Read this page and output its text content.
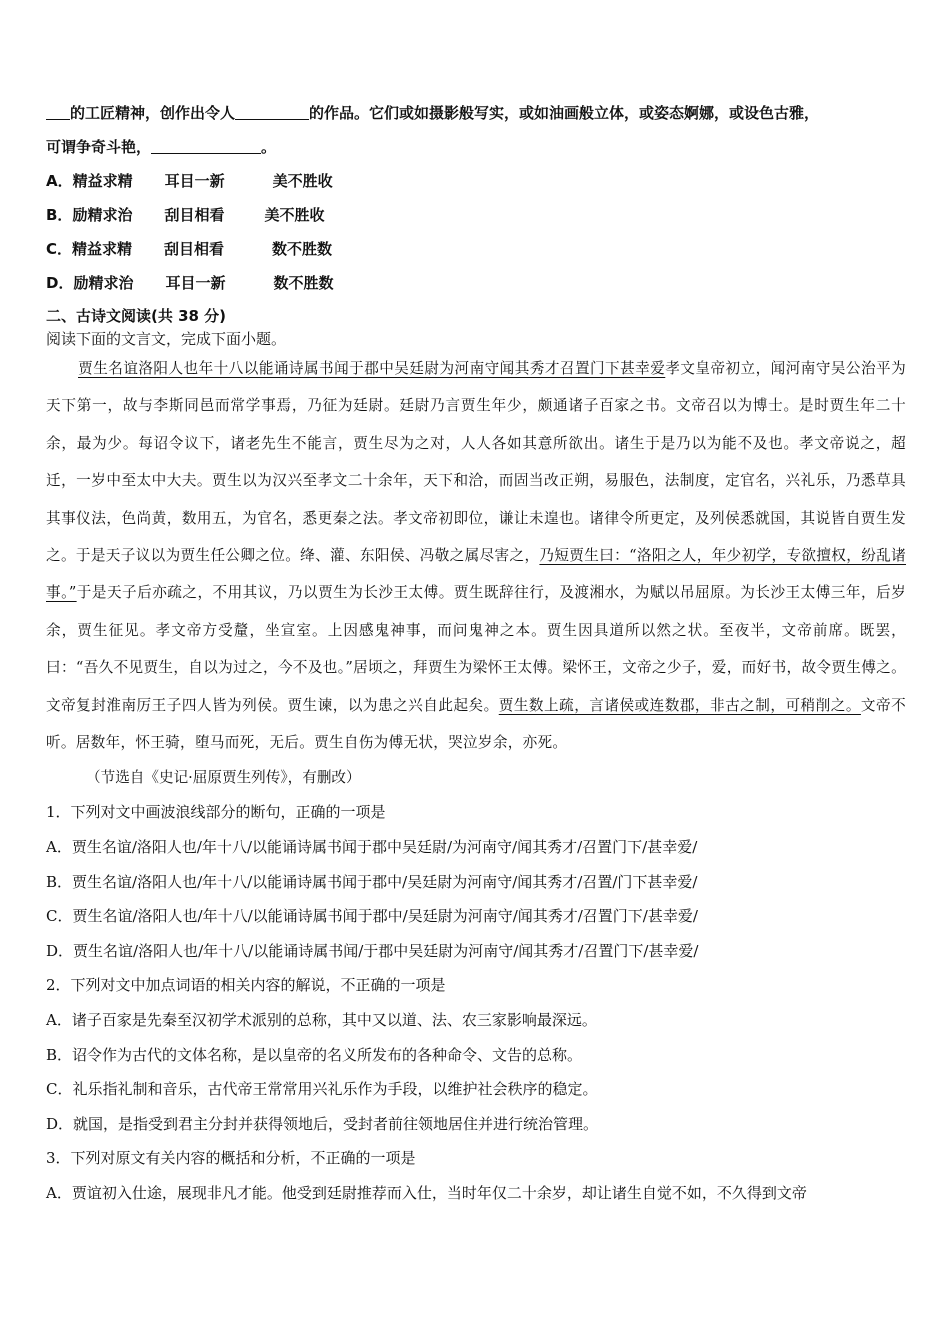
的工匠精神，创作出令人	的作品。它们或如摄影般写实，或如油画般立体，或姿态婀娜，或设色古雅，
可谓争奇斗艳，	。
A．精益求精 耳目一新	美不胜收
B．励精求治 刮目相看	美不胜收
C．精益求精 刮目相看	数不胜数
D．励精求治 耳目一新	数不胜数
二、古诗文阅读(共 38 分)
阅读下面的文言文，完成下面小题。
贾生名谊洛阳人也年十八以能诵诗属书闻于郡中吴廷尉为河南守闻其秀才召置门下甚幸爱孝文皇帝初立，闻河南守吴公治平为天下第一，故与李斯同邑而常学事焉，乃征为廷尉。廷尉乃言贾生年少，颇通诸子百家之书。文帝召以为博士。是时贾生年二十余，最为少。每诏令议下，诸老先生不能言，贾生尽为之对，人人各如其意所欲出。诸生于是乃以为能不及也。孝文帝说之，超迁，一岁中至太中大夫。贾生以为汉兴至孝文二十余年，天下和洽，而固当改正朔，易服色，法制度，定官名，兴礼乐，乃悉草具其事仪法，色尚黄，数用五，为官名，悉更秦之法。孝文帝初即位，谦让未遑也。诸律令所更定，及列侯悉就国，其说皆自贾生发之。于是天子议以为贾生任公卿之位。绛、灌、东阳侯、冯敬之属尽害之，乃短贾生曰：“洛阳之人，年少初学，专欲擅权，纷乱诸事。”于是天子后亦疏之，不用其议，乃以贾生为长沙王太傅。贾生既辞往行，及渡湘水，为赋以吊屈原。为长沙王太傅三年，后岁余，贾生征见。孝文帝方受釐，坐宣室。上因感鬼神事，而问鬼神之本。贾生因具道所以然之状。至夜半，文帝前席。既罢，曰：“吾久不见贾生，自以为过之，今不及也。”居顷之，拜贾生为梁怀王太傅。梁怀王，文帝之少子，爱，而好书，故令贾生傅之。文帝复封淮南厉王子四人皆为列侯。贾生谏，以为患之兴自此起矣。贾生数上疏，言诸侯或连数郡，非古之制，可稍削之。文帝不听。居数年，怀王骑，堕马而死，无后。贾生自伤为傅无状，哭泣岁余，亦死。
（节选自《史记·屈原贾生列传》，有删改）
1．下列对文中画波浪线部分的断句，正确的一项是
A．贾生名谊/洛阳人也/年十八/以能诵诗属书闻于郡中吴廷尉/为河南守/闻其秀才/召置门下/甚幸爱/
B．贾生名谊/洛阳人也/年十八/以能诵诗属书闻于郡中/吴廷尉为河南守/闻其秀才/召置/门下甚幸爱/
C．贾生名谊/洛阳人也/年十八/以能诵诗属书闻于郡中/吴廷尉为河南守/闻其秀才/召置门下/甚幸爱/
D．贾生名谊/洛阳人也/年十八/以能诵诗属书闻/于郡中吴廷尉为河南守/闻其秀才/召置门下/甚幸爱/
2．下列对文中加点词语的相关内容的解说，不正确的一项是
A．诸子百家是先秦至汉初学术派别的总称，其中又以道、法、农三家影响最深远。
B．诏令作为古代的文体名称，是以皇帝的名义所发布的各种命令、文告的总称。
C．礼乐指礼制和音乐，古代帝王常常用兴礼乐作为手段，以维护社会秩序的稳定。
D．就国，是指受到君主分封并获得领地后，受封者前往领地居住并进行统治管理。
3．下列对原文有关内容的概括和分析，不正确的一项是
A．贾谊初入仕途，展现非凡才能。他受到廷尉推荐而入仕，当时年仅二十余岁，却让诸生自觉不如，不久得到文帝
